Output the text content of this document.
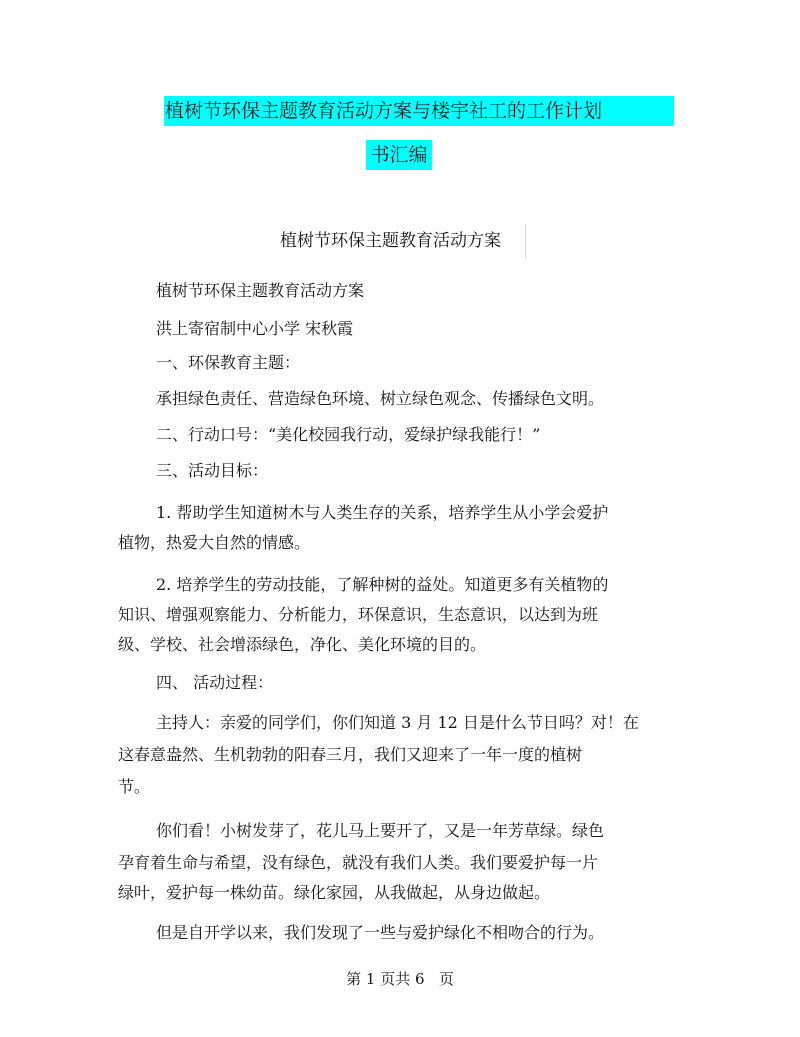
植树节环保主题教育活动方案与楼宇社工的工作计划
书汇编
植树节环保主题教育活动方案
植树节环保主题教育活动方案
洪上寄宿制中心小学 宋秋霞
一、环保教育主题：
承担绿色责任、营造绿色环境、树立绿色观念、传播绿色文明。
二、行动口号：“美化校园我行动，爱绿护绿我能行！”
三、活动目标：
1. 帮助学生知道树木与人类生存的关系，培养学生从小学会爱护
植物，热爱大自然的情感。
2. 培养学生的劳动技能，了解种树的益处。知道更多有关植物的
知识、增强观察能力、分析能力，环保意识，生态意识，以达到为班
级、学校、社会增添绿色，净化、美化环境的目的。
四、 活动过程：
主持人：亲爱的同学们，你们知道 3 月 12 日是什么节日吗？对！在
这春意盎然、生机勃勃的阳春三月，我们又迎来了一年一度的植树
节。
你们看！小树发芽了，花儿马上要开了，又是一年芳草绿。绿色
孕育着生命与希望，没有绿色，就没有我们人类。我们要爱护每一片
绿叶，爱护每一株幼苗。绿化家园，从我做起，从身边做起。
但是自开学以来，我们发现了一些与爱护绿化不相吻合的行为。
第 1 页共 6   页
